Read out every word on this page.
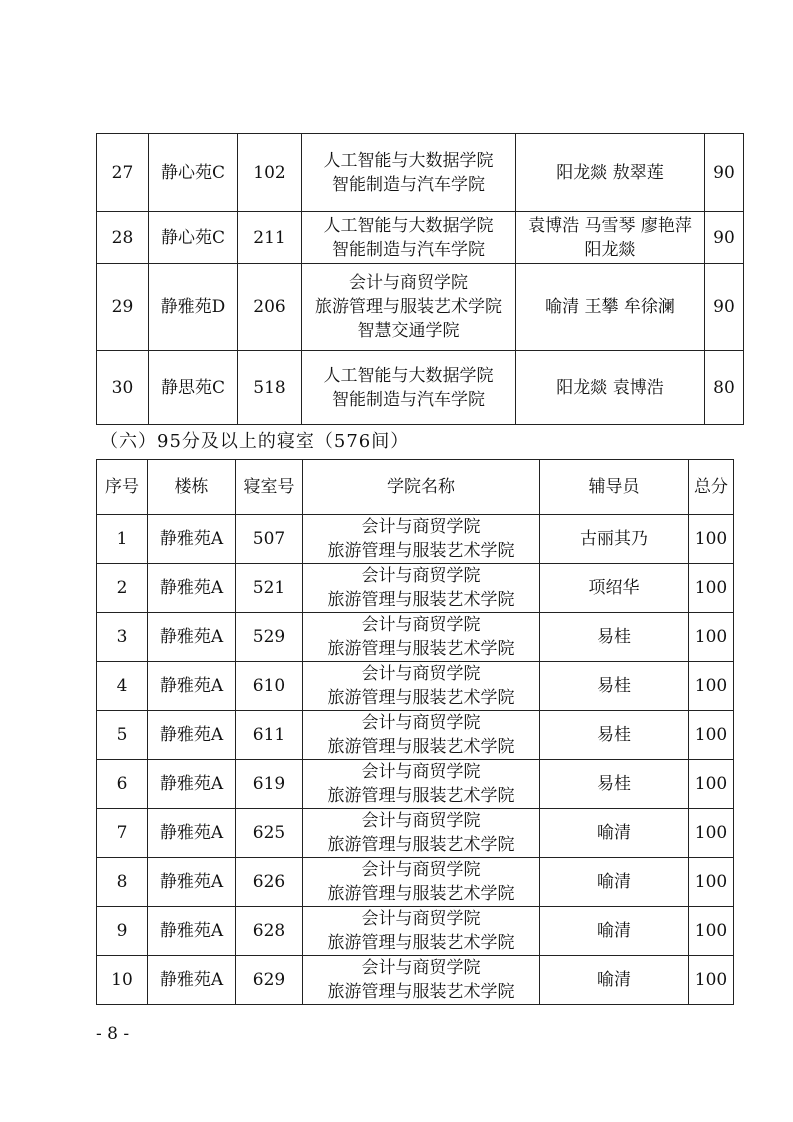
27	静心苑C	102	人工智能与大数据学院
智能制造与汽车学院	阳龙燚 敖翠莲	90
28	静心苑C	211	人工智能与大数据学院
智能制造与汽车学院	袁博浩 马雪琴 廖艳萍
阳龙燚	90
29	静雅苑D	206	会计与商贸学院
旅游管理与服装艺术学院
智慧交通学院	喻清 王攀 牟徐澜	90
30	静思苑C	518	人工智能与大数据学院
智能制造与汽车学院	阳龙燚 袁博浩	80
（六）95分及以上的寝室（576间）
序号	楼栋	寝室号	学院名称	辅导员	总分
1	静雅苑A	507	会计与商贸学院
旅游管理与服装艺术学院	古丽其乃	100
2	静雅苑A	521	会计与商贸学院
旅游管理与服装艺术学院	项绍华	100
3	静雅苑A	529	会计与商贸学院
旅游管理与服装艺术学院	易桂	100
4	静雅苑A	610	会计与商贸学院
旅游管理与服装艺术学院	易桂	100
5	静雅苑A	611	会计与商贸学院
旅游管理与服装艺术学院	易桂	100
6	静雅苑A	619	会计与商贸学院
旅游管理与服装艺术学院	易桂	100
7	静雅苑A	625	会计与商贸学院
旅游管理与服装艺术学院	喻清	100
8	静雅苑A	626	会计与商贸学院
旅游管理与服装艺术学院	喻清	100
9	静雅苑A	628	会计与商贸学院
旅游管理与服装艺术学院	喻清	100
10	静雅苑A	629	会计与商贸学院
旅游管理与服装艺术学院	喻清	100
- 8 -
